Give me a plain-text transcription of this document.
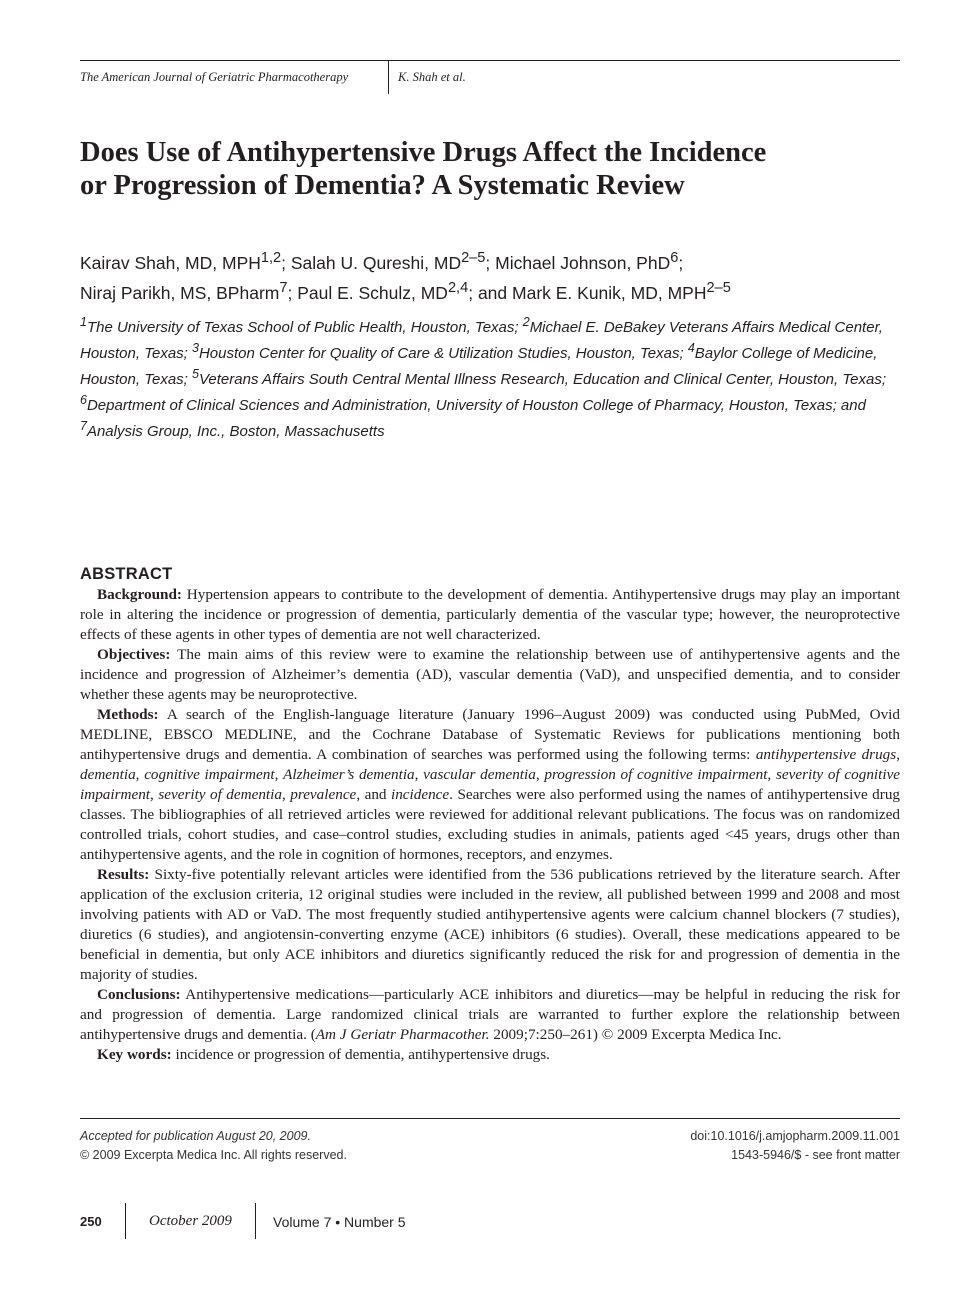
The American Journal of Geriatric Pharmacotherapy	K. Shah et al.
Does Use of Antihypertensive Drugs Affect the Incidence
or Progression of Dementia? A Systematic Review
Kairav Shah, MD, MPH$^{1,2}$; Salah U. Qureshi, MD$^{2-5}$; Michael Johnson, PhD$^6$;
Niraj Parikh, MS, BPharm$^7$; Paul E. Schulz, MD$^{2,4}$; and Mark E. Kunik, MD, MPH$^{2-5}$
$^1$The University of Texas School of Public Health, Houston, Texas; $^2$Michael E. DeBakey Veterans Affairs Medical Center,
Houston, Texas; $^3$Houston Center for Quality of Care & Utilization Studies, Houston, Texas; $^4$Baylor College of Medicine,
Houston, Texas; $^5$Veterans Affairs South Central Mental Illness Research, Education and Clinical Center, Houston, Texas;
$^6$Department of Clinical Sciences and Administration, University of Houston College of Pharmacy, Houston, Texas; and
$^7$Analysis Group, Inc., Boston, Massachusetts
ABSTRACT

Background: Hypertension appears to contribute to the development of dementia. Antihypertensive drugs may play an important role in altering the incidence or progression of dementia, particularly dementia of the vascular type; however, the neuroprotective effects of these agents in other types of dementia are not well characterized.

Objectives: The main aims of this review were to examine the relationship between use of antihypertensive agents and the incidence and progression of Alzheimer’s dementia (AD), vascular dementia (VaD), and unspecified dementia, and to consider whether these agents may be neuroprotective.

Methods: A search of the English-language literature (January 1996–August 2009) was conducted using PubMed, Ovid MEDLINE, EBSCO MEDLINE, and the Cochrane Database of Systematic Reviews for publications mentioning both antihypertensive drugs and dementia. A combination of searches was performed using the following terms: antihypertensive drugs, dementia, cognitive impairment, Alzheimer’s dementia, vascular dementia, progression of cognitive impairment, severity of cognitive impairment, severity of dementia, prevalence, and incidence. Searches were also performed using the names of antihypertensive drug classes. The bibliographies of all retrieved articles were reviewed for additional relevant publications. The focus was on randomized controlled trials, cohort studies, and case–control studies, excluding studies in animals, patients aged <45 years, drugs other than antihypertensive agents, and the role in cognition of hormones, receptors, and enzymes.

Results: Sixty-five potentially relevant articles were identified from the 536 publications retrieved by the literature search. After application of the exclusion criteria, 12 original studies were included in the review, all published between 1999 and 2008 and most involving patients with AD or VaD. The most frequently studied antihypertensive agents were calcium channel blockers (7 studies), diuretics (6 studies), and angiotensin-converting enzyme (ACE) inhibitors (6 studies). Overall, these medications appeared to be beneficial in dementia, but only ACE inhibitors and diuretics significantly reduced the risk for and progression of dementia in the majority of studies.

Conclusions: Antihypertensive medications—particularly ACE inhibitors and diuretics—may be helpful in reducing the risk for and progression of dementia. Large randomized clinical trials are warranted to further explore the relationship between antihypertensive drugs and dementia. (Am J Geriatr Pharmacother. 2009;7:250–261) © 2009 Excerpta Medica Inc.

Key words: incidence or progression of dementia, antihypertensive drugs.

Accepted for publication August 20, 2009.
© 2009 Excerpta Medica Inc. All rights reserved.
doi:10.1016/j.amjopharm.2009.11.001
1543-5946/$ - see front matter
250	October 2009	Volume 7 • Number 5
